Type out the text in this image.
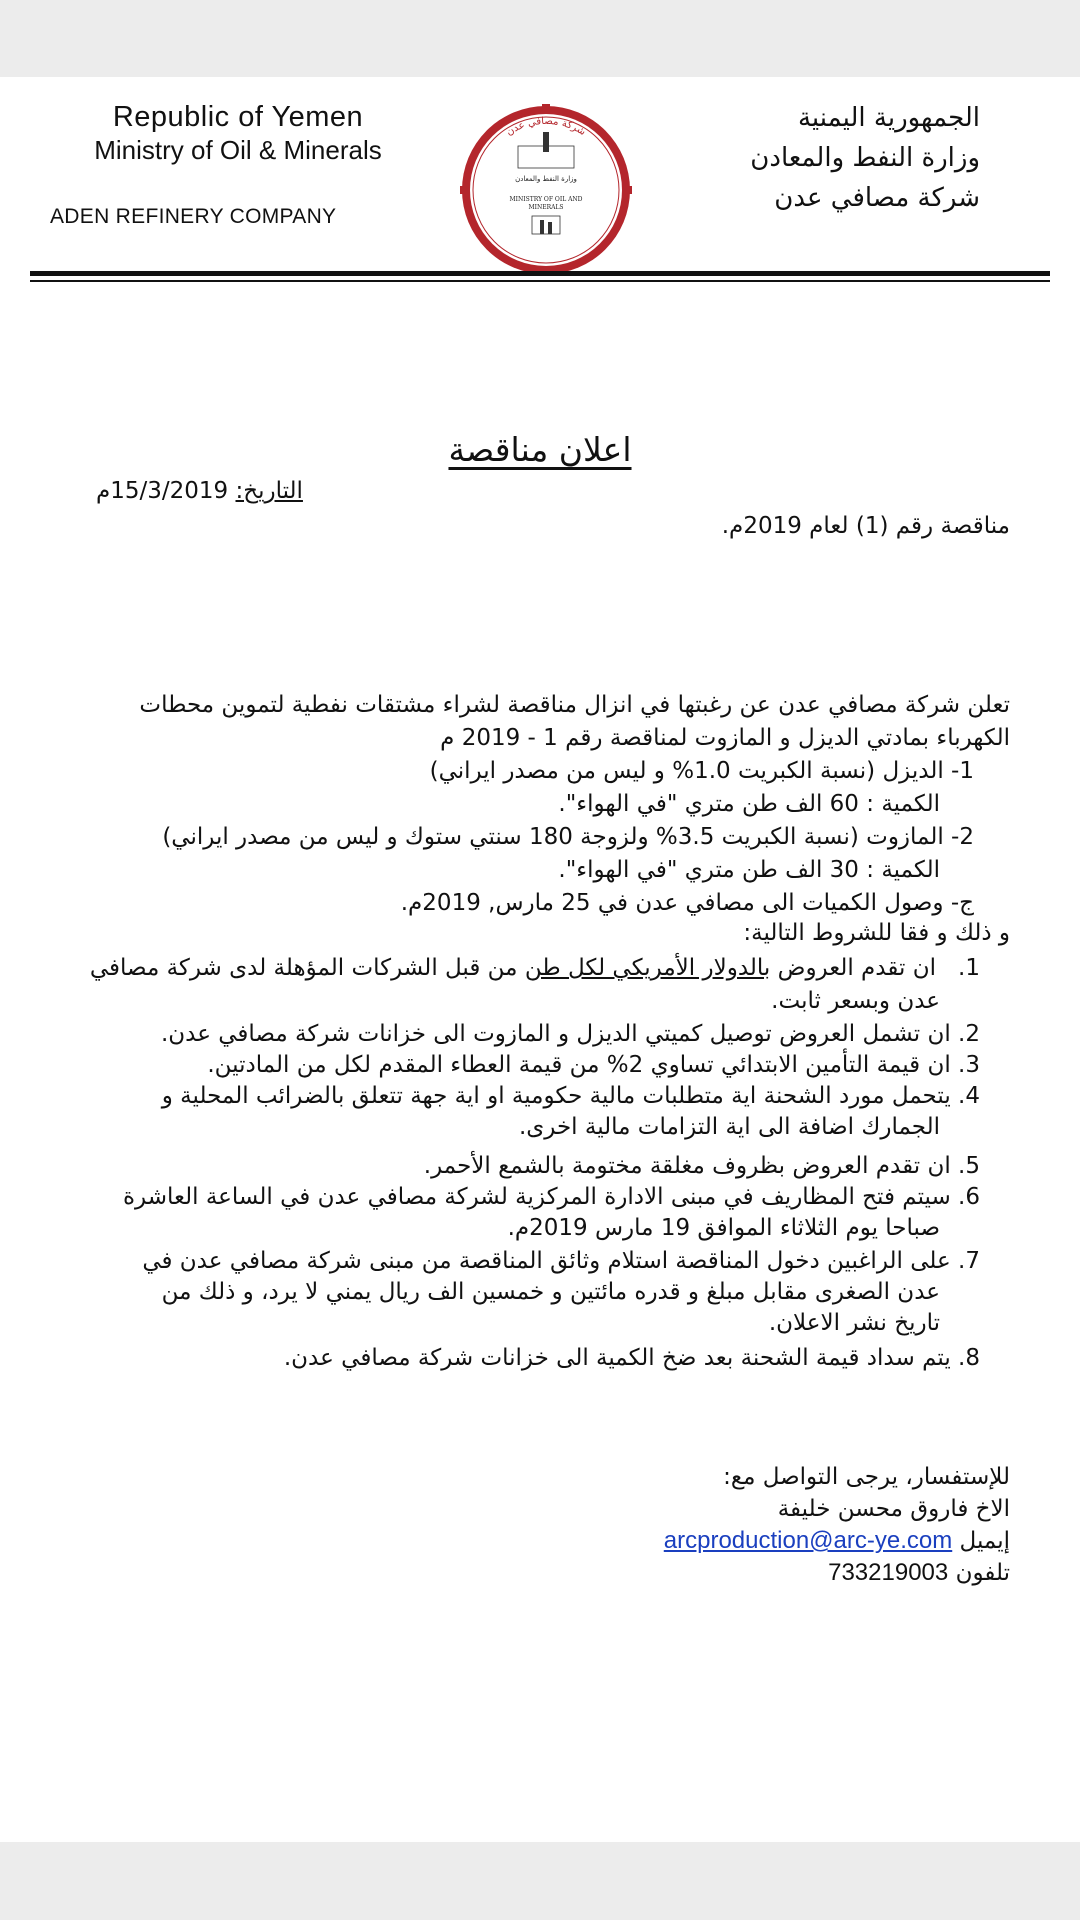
Republic of Yemen
Ministry of Oil & Minerals
ADEN REFINERY COMPANY
الجمهورية اليمنية
وزارة النفط والمعادن
شركة مصافي عدن
شركة مصافي عدن
ADEN REFINERY COMPANY
وزارة النفط والمعادن
MINISTRY OF OIL AND
MINERALS
اعلان مناقصة
التاريخ: 15/3/2019م
مناقصة رقم (1) لعام 2019م.
تعلن شركة مصافي عدن عن رغبتها في انزال مناقصة لشراء مشتقات نفطية لتموين محطات
الكهرباء بمادتي الديزل و المازوت لمناقصة رقم 1 - 2019 م
1- الديزل (نسبة الكبريت 1.0% و ليس من مصدر ايراني)
الكمية : 60 الف طن متري "في الهواء".
2- المازوت (نسبة الكبريت 3.5% ولزوجة 180 سنتي ستوك و ليس من مصدر ايراني)
الكمية : 30 الف طن متري "في الهواء".
ج- وصول الكميات الى مصافي عدن في 25 مارس, 2019م.
و ذلك و فقا للشروط التالية:
1.ان تقدم العروض بالدولار الأمريكي لكل طن من قبل الشركات المؤهلة لدى شركة مصافي
عدن وبسعر ثابت.
2. ان تشمل العروض توصيل كميتي الديزل و المازوت الى خزانات شركة مصافي عدن.
3. ان قيمة التأمين الابتدائي تساوي 2% من قيمة العطاء المقدم لكل من المادتين.
4. يتحمل مورد الشحنة اية متطلبات مالية حكومية او اية جهة تتعلق بالضرائب المحلية و
الجمارك اضافة الى اية التزامات مالية اخرى.
5. ان تقدم العروض بظروف مغلقة مختومة بالشمع الأحمر.
6. سيتم فتح المظاريف في مبنى الادارة المركزية لشركة مصافي عدن في الساعة العاشرة
صباحا يوم الثلاثاء الموافق 19 مارس 2019م.
7. على الراغبين دخول المناقصة استلام وثائق المناقصة من مبنى شركة مصافي عدن في
عدن الصغرى مقابل مبلغ و قدره مائتين و خمسين الف ريال يمني لا يرد، و ذلك من
تاريخ نشر الاعلان.
8. يتم سداد قيمة الشحنة بعد ضخ الكمية الى خزانات شركة مصافي عدن.
للإستفسار، يرجى التواصل مع:
الاخ فاروق محسن خليفة
إيميل arcproduction@arc-ye.com
تلفون 733219003
